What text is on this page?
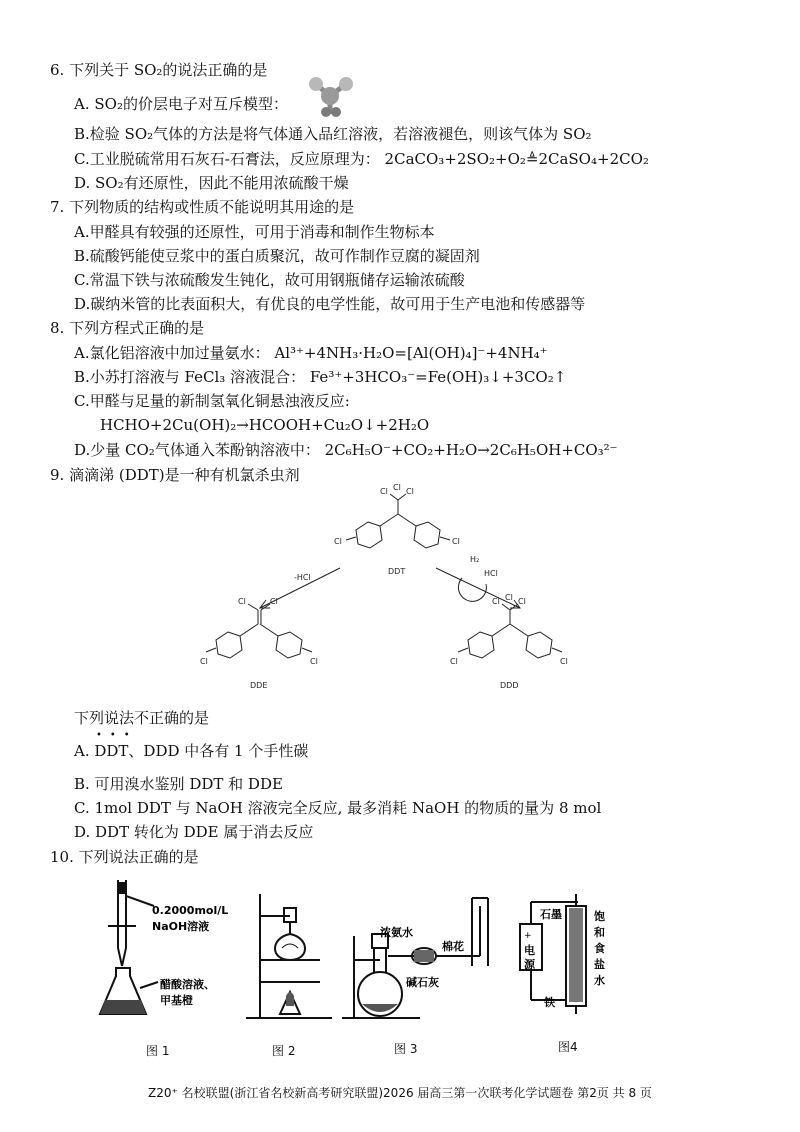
6. 下列关于 SO₂的说法正确的是
A. SO₂的价层电子对互斥模型：
B.检验 SO₂气体的方法是将气体通入品红溶液，若溶液褪色，则该气体为 SO₂
C.工业脱硫常用石灰石-石膏法，反应原理为： 2CaCO₃+2SO₂+O₂≜2CaSO₄+2CO₂
D. SO₂有还原性，因此不能用浓硫酸干燥
7. 下列物质的结构或性质不能说明其用途的是
A.甲醛具有较强的还原性，可用于消毒和制作生物标本
B.硫酸钙能使豆浆中的蛋白质聚沉，故可作制作豆腐的凝固剂
C.常温下铁与浓硫酸发生钝化，故可用钢瓶储存运输浓硫酸
D.碳纳米管的比表面积大，有优良的电学性能，故可用于生产电池和传感器等
8. 下列方程式正确的是
A.氯化铝溶液中加过量氨水： Al³⁺+4NH₃·H₂O=[Al(OH)₄]⁻+4NH₄⁺
B.小苏打溶液与 FeCl₃ 溶液混合： Fe³⁺+3HCO₃⁻=Fe(OH)₃↓+3CO₂↑
C.甲醛与足量的新制氢氧化铜悬浊液反应:
HCHO+2Cu(OH)₂→HCOOH+Cu₂O↓+2H₂O
D.少量 CO₂气体通入苯酚钠溶液中： 2C₆H₅O⁻+CO₂+H₂O→2C₆H₅OH+CO₃²⁻
9. 滴滴涕 (DDT)是一种有机氯杀虫剂
Cl Cl Cl
Cl	Cl
DDT
-HCl
H₂
HCl
Cl	Cl
Cl	Cl
DDE
Cl Cl Cl
Cl	Cl
DDD
下列说法不正确的是
•••
A. DDT、DDD 中各有 1 个手性碳
B. 可用溴水鉴别 DDT 和 DDE
C. 1mol DDT 与 NaOH 溶液完全反应, 最多消耗 NaOH 的物质的量为 8 mol
D. DDT 转化为 DDE 属于消去反应
10. 下列说法正确的是
0.2000mol/L
NaOH溶液
醋酸溶液、
甲基橙
图 1	图 2
浓氨水
棉花
碱石灰
图 3
+
电
源
石墨	饱
和
食
盐
水
铁
图4
Z20⁺ 名校联盟(浙江省名校新高考研究联盟)2026 届高三第一次联考化学试题卷 第2页 共 8 页
